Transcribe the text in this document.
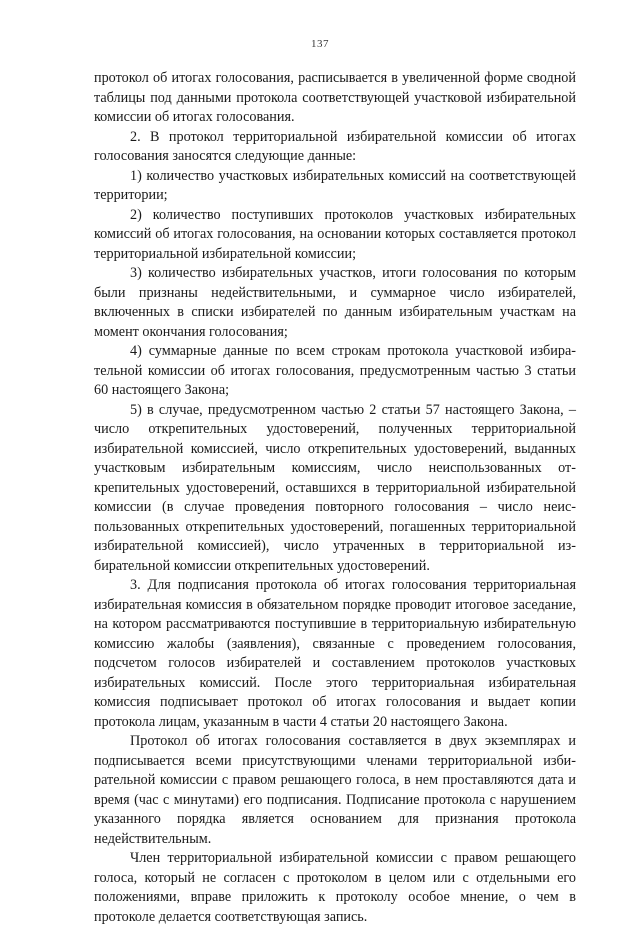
137

протокол об итогах голосования, расписывается в увеличенной форме сводной таблицы под данными протокола соответствующей участковой избирательной комиссии об итогах голосования.

2. В протокол территориальной избирательной комиссии об итогах голосования заносятся следующие данные:

1) количество участковых избирательных комиссий на соответствующей территории;

2) количество поступивших протоколов участковых избирательных комиссий об итогах голосования, на основании которых составляется протокол территориальной избирательной комиссии;

3) количество избирательных участков, итоги голосования по которым были признаны недействительными, и суммарное число избирателей, включенных в списки избирателей по данным избирательным участкам на момент окончания голосования;

4) суммарные данные по всем строкам протокола участковой избирательной комиссии об итогах голосования, предусмотренным частью 3 статьи 60 настоящего Закона;

5) в случае, предусмотренном частью 2 статьи 57 настоящего Закона, – число открепительных удостоверений, полученных территориальной избирательной комиссией, число открепительных удостоверений, выданных участковым избирательным комиссиям, число неиспользованных открепительных удостоверений, оставшихся в территориальной избирательной комиссии (в случае проведения повторного голосования – число неиспользованных открепительных удостоверений, погашенных территориальной избирательной комиссией), число утраченных в территориальной избирательной комиссии открепительных удостоверений.

3. Для подписания протокола об итогах голосования территориальная избирательная комиссия в обязательном порядке проводит итоговое заседание, на котором рассматриваются поступившие в территориальную избирательную комиссию жалобы (заявления), связанные с проведением голосования, подсчетом голосов избирателей и составлением протоколов участковых избирательных комиссий. После этого территориальная избирательная комиссия подписывает протокол об итогах голосования и выдает копии протокола лицам, указанным в части 4 статьи 20 настоящего Закона.

Протокол об итогах голосования составляется в двух экземплярах и подписывается всеми присутствующими членами территориальной избирательной комиссии с правом решающего голоса, в нем проставляются дата и время (час с минутами) его подписания. Подписание протокола с нарушением указанного порядка является основанием для признания протокола недействительным.

Член территориальной избирательной комиссии с правом решающего голоса, который не согласен с протоколом в целом или с отдельными его положениями, вправе приложить к протоколу особое мнение, о чем в протоколе делается соответствующая запись.
